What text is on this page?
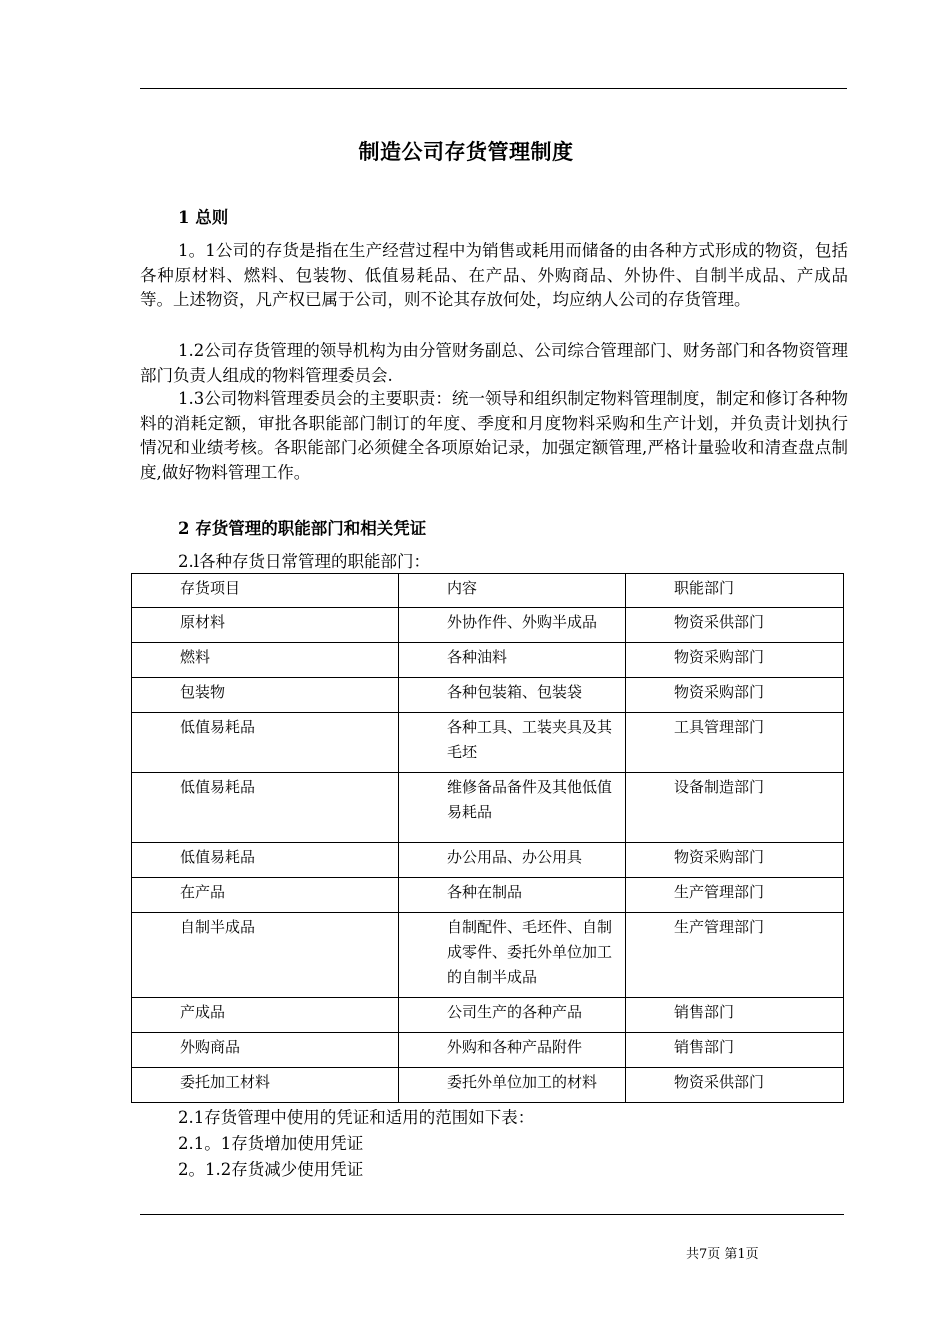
制造公司存货管理制度
1 总则
1。1公司的存货是指在生产经营过程中为销售或耗用而储备的由各种方式形成的物资，包括各种原材料、燃料、包装物、低值易耗品、在产品、外购商品、外协件、自制半成品、产成品等。上述物资，凡产权已属于公司，则不论其存放何处，均应纳人公司的存货管理。
1.2公司存货管理的领导机构为由分管财务副总、公司综合管理部门、财务部门和各物资管理部门负责人组成的物料管理委员会.
1.3公司物料管理委员会的主要职责：统一领导和组织制定物料管理制度，制定和修订各种物料的消耗定额，审批各职能部门制订的年度、季度和月度物料采购和生产计划，并负责计划执行情况和业绩考核。各职能部门必须健全各项原始记录，加强定额管理,严格计量验收和清查盘点制度,做好物料管理工作。
2 存货管理的职能部门和相关凭证
2.l各种存货日常管理的职能部门：
存货项目	内容	职能部门
原材料	外协作件、外购半成品	物资采供部门
燃料	各种油料	物资采购部门
包装物	各种包装箱、包装袋	物资采购部门
低值易耗品	各种工具、工装夹具及其毛坯	工具管理部门
低值易耗品	维修备品备件及其他低值易耗品	设备制造部门
低值易耗品	办公用品、办公用具	物资采购部门
在产品	各种在制品	生产管理部门
自制半成品	自制配件、毛坯件、自制成零件、委托外单位加工的自制半成品	生产管理部门
产成品	公司生产的各种产品	销售部门
外购商品	外购和各种产品附件	销售部门
委托加工材料	委托外单位加工的材料	物资采供部门
2.1存货管理中使用的凭证和适用的范围如下表：
2.1。1存货增加使用凭证
2。1.2存货减少使用凭证
共7页 第1页
